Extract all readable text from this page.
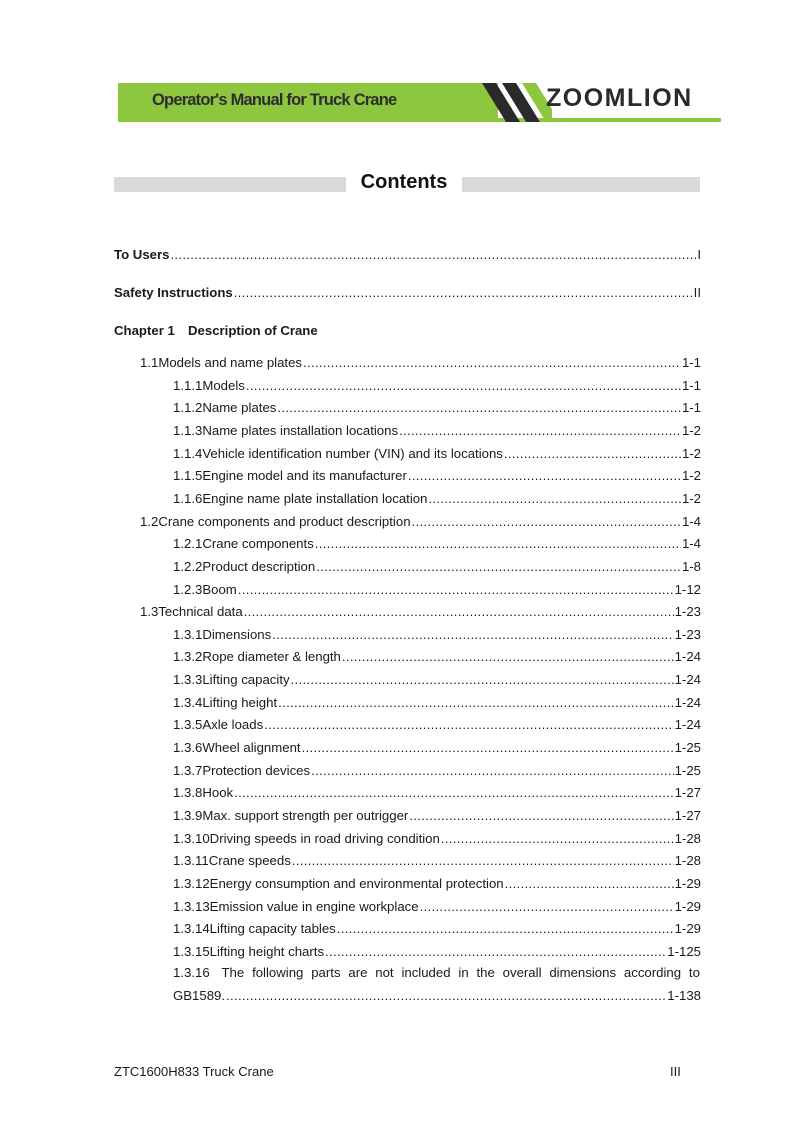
Operator's Manual for Truck Crane	ZOOMLION
Contents
To Users .....	I
Safety Instructions .....	II
Chapter 1 Description of Crane
1.1 Models and name plates .....	1-1
1.1.1 Models .....	1-1
1.1.2 Name plates .....	1-1
1.1.3 Name plates installation locations .....	1-2
1.1.4 Vehicle identification number (VIN) and its locations .....	1-2
1.1.5 Engine model and its manufacturer .....	1-2
1.1.6 Engine name plate installation location .....	1-2
1.2 Crane components and product description .....	1-4
1.2.1 Crane components .....	1-4
1.2.2 Product description .....	1-8
1.2.3 Boom .....	1-12
1.3 Technical data .....	1-23
1.3.1 Dimensions .....	1-23
1.3.2 Rope diameter & length .....	1-24
1.3.3 Lifting capacity .....	1-24
1.3.4 Lifting height .....	1-24
1.3.5 Axle loads .....	1-24
1.3.6 Wheel alignment .....	1-25
1.3.7 Protection devices .....	1-25
1.3.8 Hook .....	1-27
1.3.9 Max. support strength per outrigger .....	1-27
1.3.10 Driving speeds in road driving condition .....	1-28
1.3.11 Crane speeds .....	1-28
1.3.12 Energy consumption and environmental protection .....	1-29
1.3.13 Emission value in engine workplace .....	1-29
1.3.14 Lifting capacity tables .....	1-29
1.3.15 Lifting height charts .....	1-125
1.3.16 The following parts are not included in the overall dimensions according to
GB1589. .....	1-138
ZTC1600H833 Truck Crane	III
